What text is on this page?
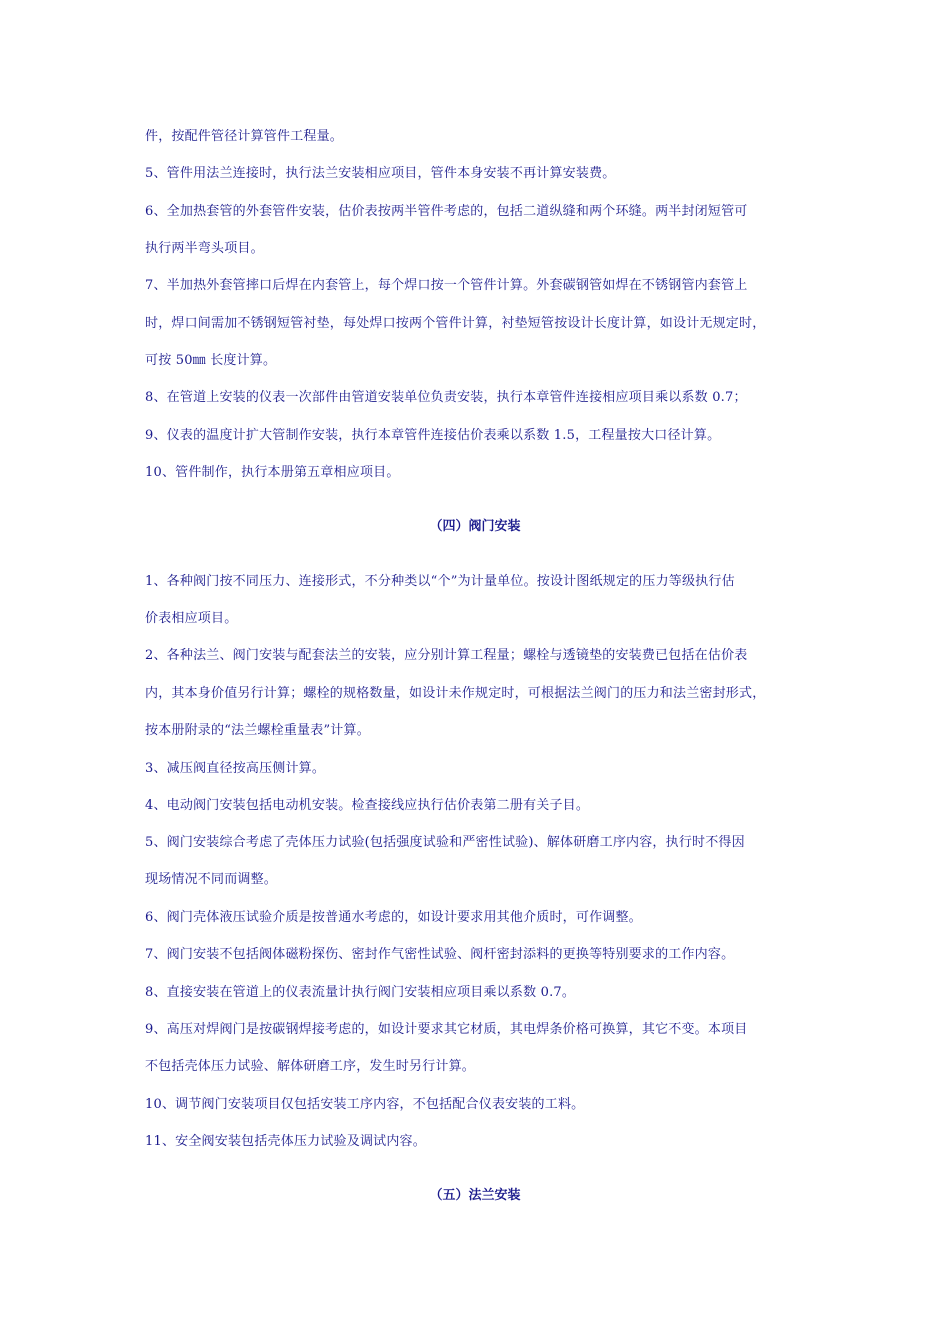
件，按配件管径计算管件工程量。
5、管件用法兰连接时，执行法兰安装相应项目，管件本身安装不再计算安装费。
6、全加热套管的外套管件安装，估价表按两半管件考虑的，包括二道纵缝和两个环缝。两半封闭短管可
执行两半弯头项目。
7、半加热外套管摔口后焊在内套管上，每个焊口按一个管件计算。外套碳钢管如焊在不锈钢管内套管上
时，焊口间需加不锈钢短管衬垫，每处焊口按两个管件计算，衬垫短管按设计长度计算，如设计无规定时，
可按 50㎜ 长度计算。
8、在管道上安装的仪表一次部件由管道安装单位负责安装，执行本章管件连接相应项目乘以系数 0.7；
9、仪表的温度计扩大管制作安装，执行本章管件连接估价表乘以系数 1.5，工程量按大口径计算。
10、管件制作，执行本册第五章相应项目。
（四）阀门安装
1、各种阀门按不同压力、连接形式，不分种类以“个”为计量单位。按设计图纸规定的压力等级执行估
价表相应项目。
2、各种法兰、阀门安装与配套法兰的安装，应分别计算工程量；螺栓与透镜垫的安装费已包括在估价表
内，其本身价值另行计算；螺栓的规格数量，如设计未作规定时，可根据法兰阀门的压力和法兰密封形式，
按本册附录的“法兰螺栓重量表”计算。
3、减压阀直径按高压侧计算。
4、电动阀门安装包括电动机安装。检查接线应执行估价表第二册有关子目。
5、阀门安装综合考虑了壳体压力试验(包括强度试验和严密性试验)、解体研磨工序内容，执行时不得因
现场情况不同而调整。
6、阀门壳体液压试验介质是按普通水考虑的，如设计要求用其他介质时，可作调整。
7、阀门安装不包括阀体磁粉探伤、密封作气密性试验、阀杆密封添料的更换等特别要求的工作内容。
8、直接安装在管道上的仪表流量计执行阀门安装相应项目乘以系数 0.7。
9、高压对焊阀门是按碳钢焊接考虑的，如设计要求其它材质，其电焊条价格可换算，其它不变。本项目
不包括壳体压力试验、解体研磨工序，发生时另行计算。
10、调节阀门安装项目仅包括安装工序内容，不包括配合仪表安装的工料。
11、安全阀安装包括壳体压力试验及调试内容。
（五）法兰安装
